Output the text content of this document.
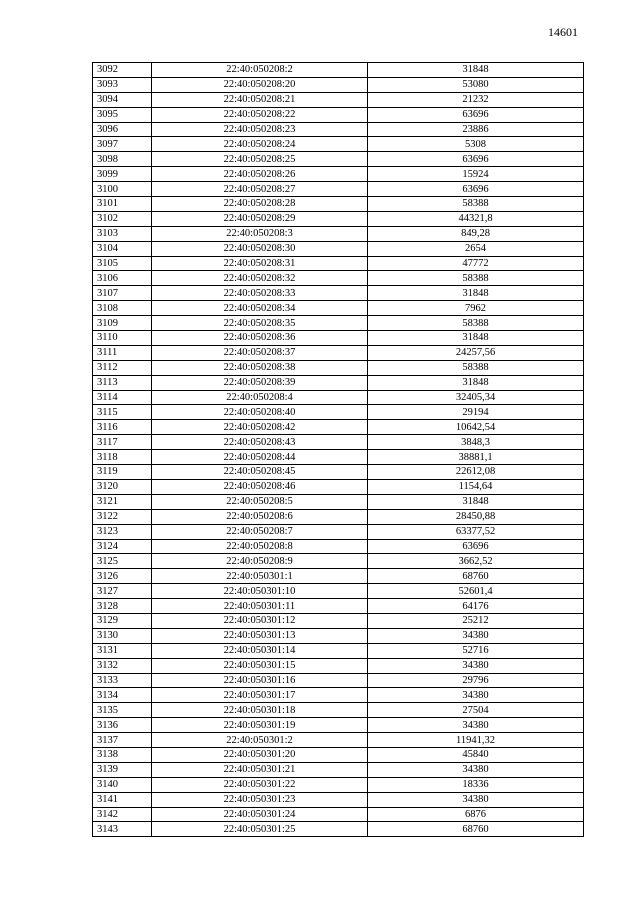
14601
3092	22:40:050208:2	31848
3093	22:40:050208:20	53080
3094	22:40:050208:21	21232
3095	22:40:050208:22	63696
3096	22:40:050208:23	23886
3097	22:40:050208:24	5308
3098	22:40:050208:25	63696
3099	22:40:050208:26	15924
3100	22:40:050208:27	63696
3101	22:40:050208:28	58388
3102	22:40:050208:29	44321,8
3103	22:40:050208:3	849,28
3104	22:40:050208:30	2654
3105	22:40:050208:31	47772
3106	22:40:050208:32	58388
3107	22:40:050208:33	31848
3108	22:40:050208:34	7962
3109	22:40:050208:35	58388
3110	22:40:050208:36	31848
3111	22:40:050208:37	24257,56
3112	22:40:050208:38	58388
3113	22:40:050208:39	31848
3114	22:40:050208:4	32405,34
3115	22:40:050208:40	29194
3116	22:40:050208:42	10642,54
3117	22:40:050208:43	3848,3
3118	22:40:050208:44	38881,1
3119	22:40:050208:45	22612,08
3120	22:40:050208:46	1154,64
3121	22:40:050208:5	31848
3122	22:40:050208:6	28450,88
3123	22:40:050208:7	63377,52
3124	22:40:050208:8	63696
3125	22:40:050208:9	3662,52
3126	22:40:050301:1	68760
3127	22:40:050301:10	52601,4
3128	22:40:050301:11	64176
3129	22:40:050301:12	25212
3130	22:40:050301:13	34380
3131	22:40:050301:14	52716
3132	22:40:050301:15	34380
3133	22:40:050301:16	29796
3134	22:40:050301:17	34380
3135	22:40:050301:18	27504
3136	22:40:050301:19	34380
3137	22:40:050301:2	11941,32
3138	22:40:050301:20	45840
3139	22:40:050301:21	34380
3140	22:40:050301:22	18336
3141	22:40:050301:23	34380
3142	22:40:050301:24	6876
3143	22:40:050301:25	68760
